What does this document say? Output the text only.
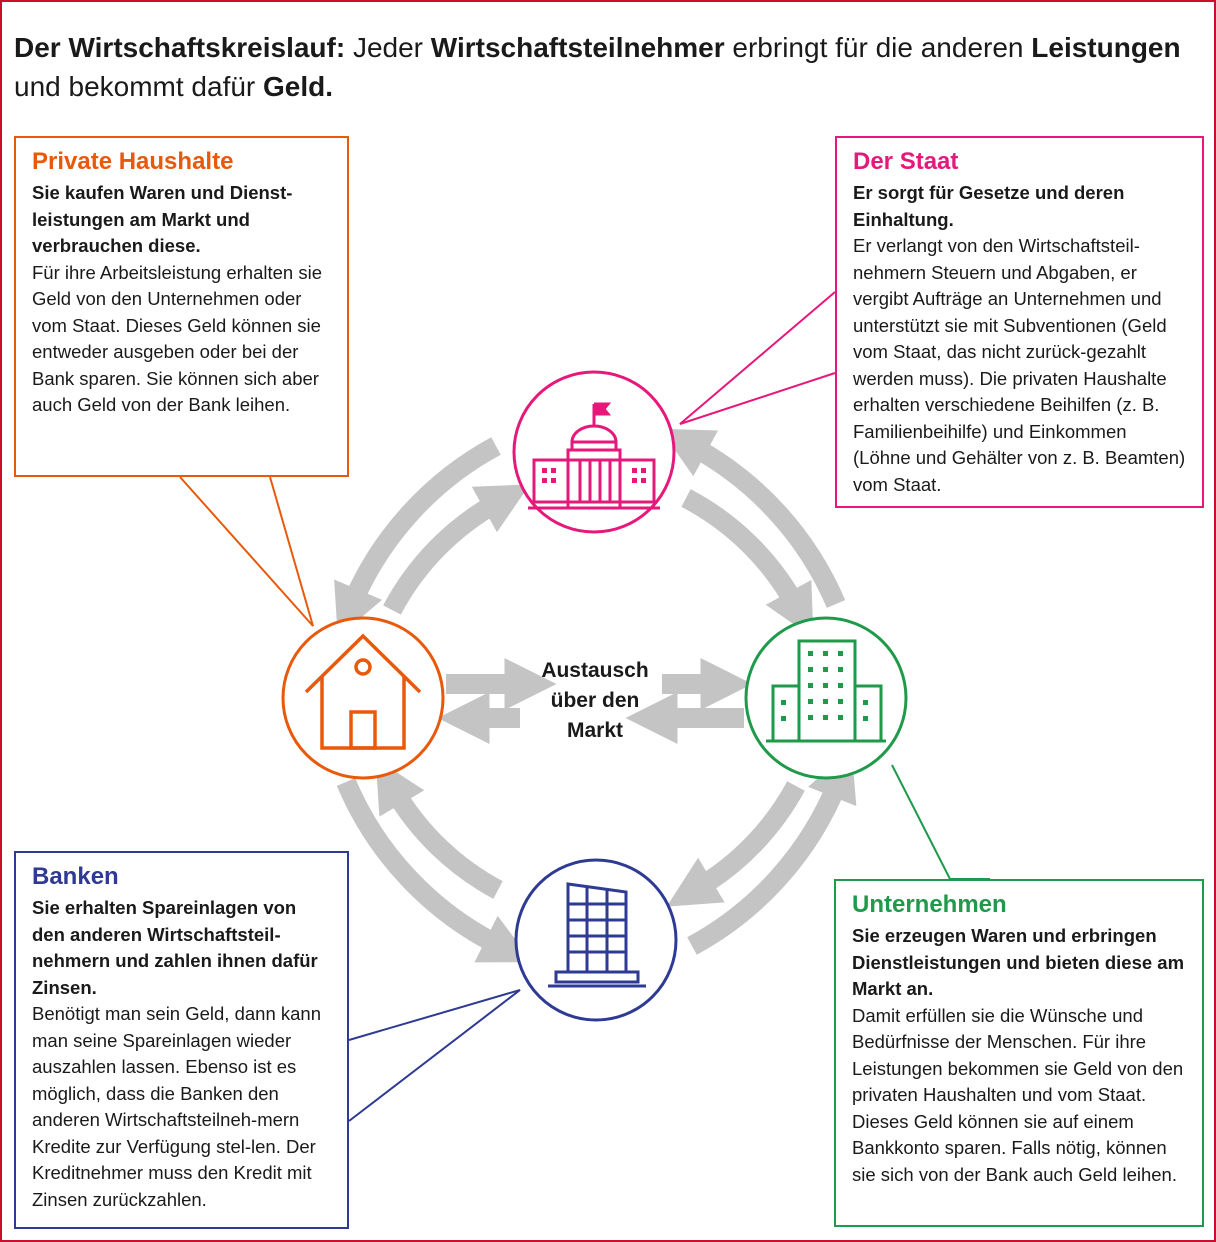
Der Wirtschaftskreislauf: Jeder Wirtschaftsteilnehmer erbringt für die anderen Leistungen und bekommt dafür Geld.
Austausch
über den
Markt
Private Haushalte

Sie kaufen Waren und Dienst-leistungen am Markt und verbrauchen diese.

Für ihre Arbeitsleistung erhalten sie Geld von den Unternehmen oder vom Staat. Dieses Geld können sie entweder ausgeben oder bei der Bank sparen. Sie können sich aber auch Geld von der Bank leihen.

Der Staat

Er sorgt für Gesetze und deren Einhaltung.

Er verlangt von den Wirtschaftsteil-nehmern Steuern und Abgaben, er vergibt Aufträge an Unternehmen und unterstützt sie mit Subventionen (Geld vom Staat, das nicht zurück-gezahlt werden muss). Die privaten Haushalte erhalten verschiedene Beihilfen (z. B. Familienbeihilfe) und Einkommen (Löhne und Gehälter von z. B. Beamten) vom Staat.

Banken

Sie erhalten Spareinlagen von den anderen Wirtschaftsteil-nehmern und zahlen ihnen dafür Zinsen.

Benötigt man sein Geld, dann kann man seine Spareinlagen wieder auszahlen lassen. Ebenso ist es möglich, dass die Banken den anderen Wirtschaftsteilneh-mern Kredite zur Verfügung stel-len. Der Kreditnehmer muss den Kredit mit Zinsen zurückzahlen.

Unternehmen

Sie erzeugen Waren und erbringen Dienstleistungen und bieten diese am Markt an.

Damit erfüllen sie die Wünsche und Bedürfnisse der Menschen. Für ihre Leistungen bekommen sie Geld von den privaten Haushalten und vom Staat. Dieses Geld können sie auf einem Bankkonto sparen. Falls nötig, können sie sich von der Bank auch Geld leihen.
